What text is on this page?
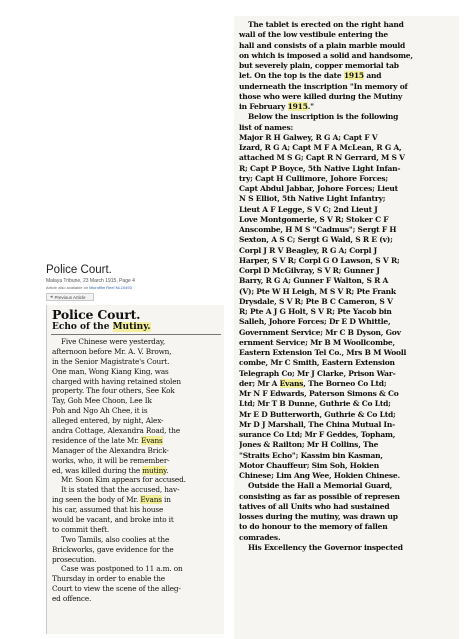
Police Court.
Malaya Tribune, 23 March 1915, Page 4
Article also available on Microfilm Reel NL10493
◂ Previous Article
Police Court.
Echo of the Mutiny.
Five Chinese were yesterday,
afternoon before Mr. A. V. Brown,
in the Senior Magistrate's Court.
One man, Wong Kiang King, was
charged with having retained stolen
property. The four others, See Kok
Tay, Goh Mee Choon, Lee Ik
Poh and Ngo Ah Chee, it is
alleged entered, by night, Alex-
andra Cottage, Alexandra Road, the
residence of the late Mr. Evans
Manager of the Alexandra Brick-
works, who, it will be remember-
ed, was killed during the mutiny.
Mr. Soon Kim appears for accused.
It is stated that the accused, hav-
ing seen the body of Mr. Evans in
his car, assumed that his house
would be vacant, and broke into it
to commit theft.
Two Tamils, also coolies at the
Brickworks, gave evidence for the
prosecution.
Case was postponed to 11 a.m. on
Thursday in order to enable the
Court to view the scene of the alleg-
ed offence.
The tablet is erected on the right hand
wall of the low vestibule entering the
hall and consists of a plain marble mould
on which is imposed a solid and handsome,
but severely plain, copper memorial tab
let. On the top is the date 1915 and
underneath the inscription "In memory of
those who were killed during the Mutiny
in February 1915."
Below the inscription is the following
list of names:
Major R H Galwey, R G A; Capt F V
Izard, R G A; Capt M F A McLean, R G A,
attached M S G; Capt R N Gerrard, M S V
R; Capt P Boyce, 5th Native Light Infan-
try; Capt H Cullimore, Johore Forces;
Capt Abdul Jabbar, Johore Forces; Lieut
N S Elliot, 5th Native Light Infantry;
Lieut A F Legge, S V C; 2nd Lieut J
Love Montgomerie, S V R; Stoker C F
Anscombe, H M S "Cadmus"; Sergt F H
Sexton, A S C; Sergt G Wald, S R E (v);
Corpl J R V Beagley, R G A; Corpl J
Harper, S V R; Corpl G O Lawson, S V R;
Corpl D McGilvray, S V R; Gunner J
Barry, R G A; Gunner F Walton, S R A
(V); Pte W H Leigh, M S V R; Pte Frank
Drysdale, S V R; Pte B C Cameron, S V
R; Pte A J G Holt, S V R; Pte Yacob bin
Salleh, Johore Forces; Dr E D Whittle,
Government Service; Mr C B Dyson, Gov
ernment Service; Mr B M Woollcombe,
Eastern Extension Tel Co., Mrs B M Wooll
combe, Mr C Smith, Eastern Extension
Telegraph Co; Mr J Clarke, Prison War-
der; Mr A Evans, The Borneo Co Ltd;
Mr N F Edwards, Paterson Simons & Co
Ltd; Mr T B Dunne, Guthrie & Co Ltd;
Mr E D Butterworth, Guthrie & Co Ltd;
Mr D J Marshall, The China Mutual In-
surance Co Ltd; Mr F Geddes, Topham,
Jones & Railton; Mr H Collins, The
"Straits Echo"; Kassim bin Kasman,
Motor Chauffeur; Sim Soh, Hokien
Chinese; Lim Ang Wee, Hokien Chinese.
Outside the Hall a Memorial Guard,
consisting as far as possible of represen
tatives of all Units who had sustained
losses during the mutiny, was drawn up
to do honour to the memory of fallen
comrades.
His Excellency the Governor inspected
